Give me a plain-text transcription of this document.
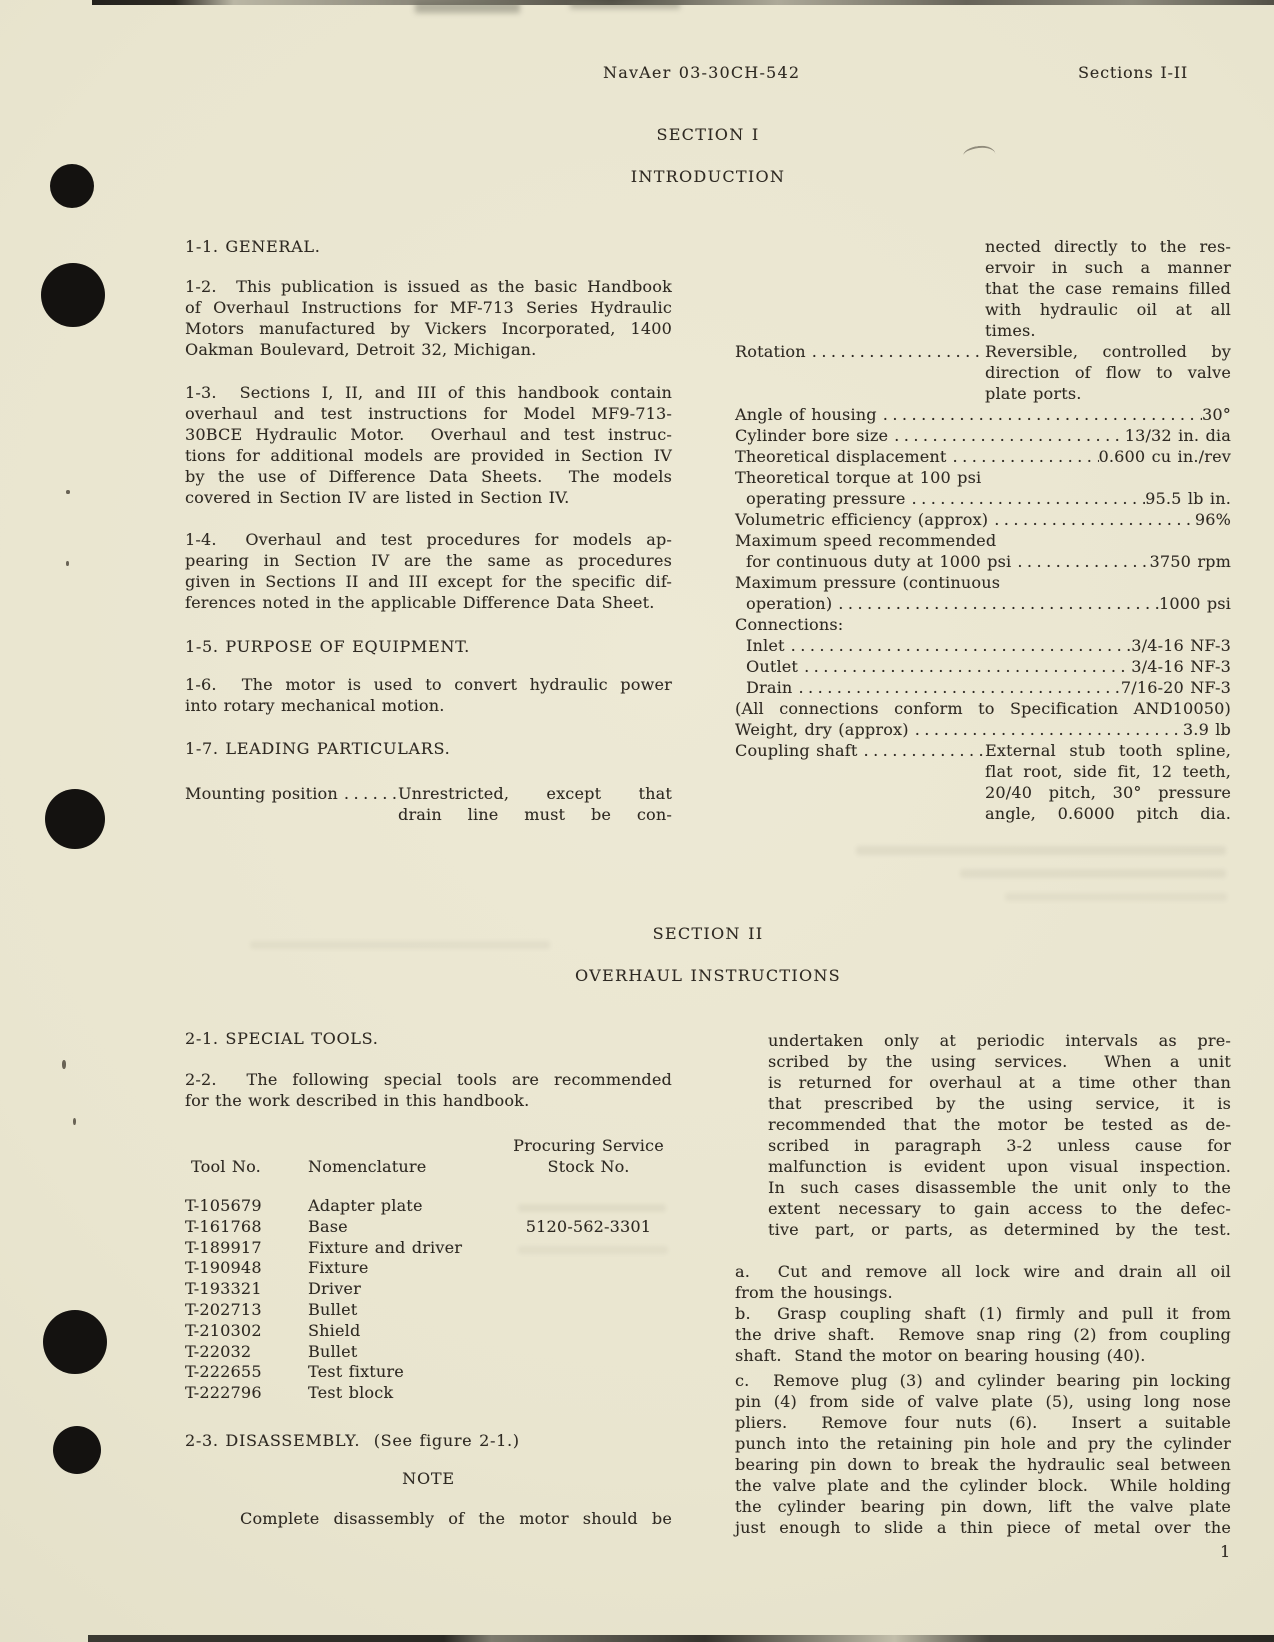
NavAer 03-30CH-542	Sections I-II
SECTION I
INTRODUCTION
1-1. GENERAL.
1-2.  This publication is issued as the basic Handbook
of Overhaul Instructions for MF-713 Series Hydraulic
Motors manufactured by Vickers Incorporated, 1400
Oakman Boulevard, Detroit 32, Michigan.
1-3.  Sections I, II, and III of this handbook contain
overhaul and test instructions for Model MF9-713-
30BCE Hydraulic Motor.  Overhaul and test instruc-
tions for additional models are provided in Section IV
by the use of Difference Data Sheets.  The models
covered in Section IV are listed in Section IV.
1-4.  Overhaul and test procedures for models ap-
pearing in Section IV are the same as procedures
given in Sections II and III except for the specific dif-
ferences noted in the applicable Difference Data Sheet.
1-5. PURPOSE OF EQUIPMENT.
1-6.  The motor is used to convert hydraulic power
into rotary mechanical motion.
1-7. LEADING PARTICULARS.
Mounting position .....	Unrestricted, except that
drain line must be con-
nected directly to the res-
ervoir in such a manner
that the case remains filled
with hydraulic oil at all
times.
Rotation .....	Reversible, controlled by
direction of flow to valve
plate ports.
Angle of housing .....	30°
Cylinder bore size .....	13/32 in. dia
Theoretical displacement .....	0.600 cu in./rev
Theoretical torque at 100 psi
operating pressure .....	95.5 lb in.
Volumetric efficiency (approx) .....	96%
Maximum speed recommended
for continuous duty at 1000 psi .....	3750 rpm
Maximum pressure (continuous
operation) .....	1000 psi
Connections:
Inlet .....	3/4-16 NF-3
Outlet .....	3/4-16 NF-3
Drain .....	7/16-20 NF-3
(All connections conform to Specification AND10050)
Weight, dry (approx) .....	3.9 lb
Coupling shaft .....	External stub tooth spline,
flat root, side fit, 12 teeth,
20/40 pitch, 30° pressure
angle, 0.6000 pitch dia.
SECTION II
OVERHAUL INSTRUCTIONS
2-1. SPECIAL TOOLS.
2-2.  The following special tools are recommended
for the work described in this handbook.
Procuring Service
Tool No.	Nomenclature	Stock No.
T-105679	Adapter plate
T-161768	Base	5120-562-3301
T-189917	Fixture and driver
T-190948	Fixture
T-193321	Driver
T-202713	Bullet
T-210302	Shield
T-22032	Bullet
T-222655	Test fixture
T-222796	Test block
2-3. DISASSEMBLY.  (See figure 2-1.)
NOTE
Complete disassembly of the motor should be
undertaken only at periodic intervals as pre-
scribed by the using services.  When a unit
is returned for overhaul at a time other than
that prescribed by the using service, it is
recommended that the motor be tested as de-
scribed in paragraph 3-2 unless cause for
malfunction is evident upon visual inspection.
In such cases disassemble the unit only to the
extent necessary to gain access to the defec-
tive part, or parts, as determined by the test.
a.  Cut and remove all lock wire and drain all oil
from the housings.
b.  Grasp coupling shaft (1) firmly and pull it from
the drive shaft.  Remove snap ring (2) from coupling
shaft.  Stand the motor on bearing housing (40).
c.  Remove plug (3) and cylinder bearing pin locking
pin (4) from side of valve plate (5), using long nose
pliers.  Remove four nuts (6).  Insert a suitable
punch into the retaining pin hole and pry the cylinder
bearing pin down to break the hydraulic seal between
the valve plate and the cylinder block.  While holding
the cylinder bearing pin down, lift the valve plate
just enough to slide a thin piece of metal over the
1
